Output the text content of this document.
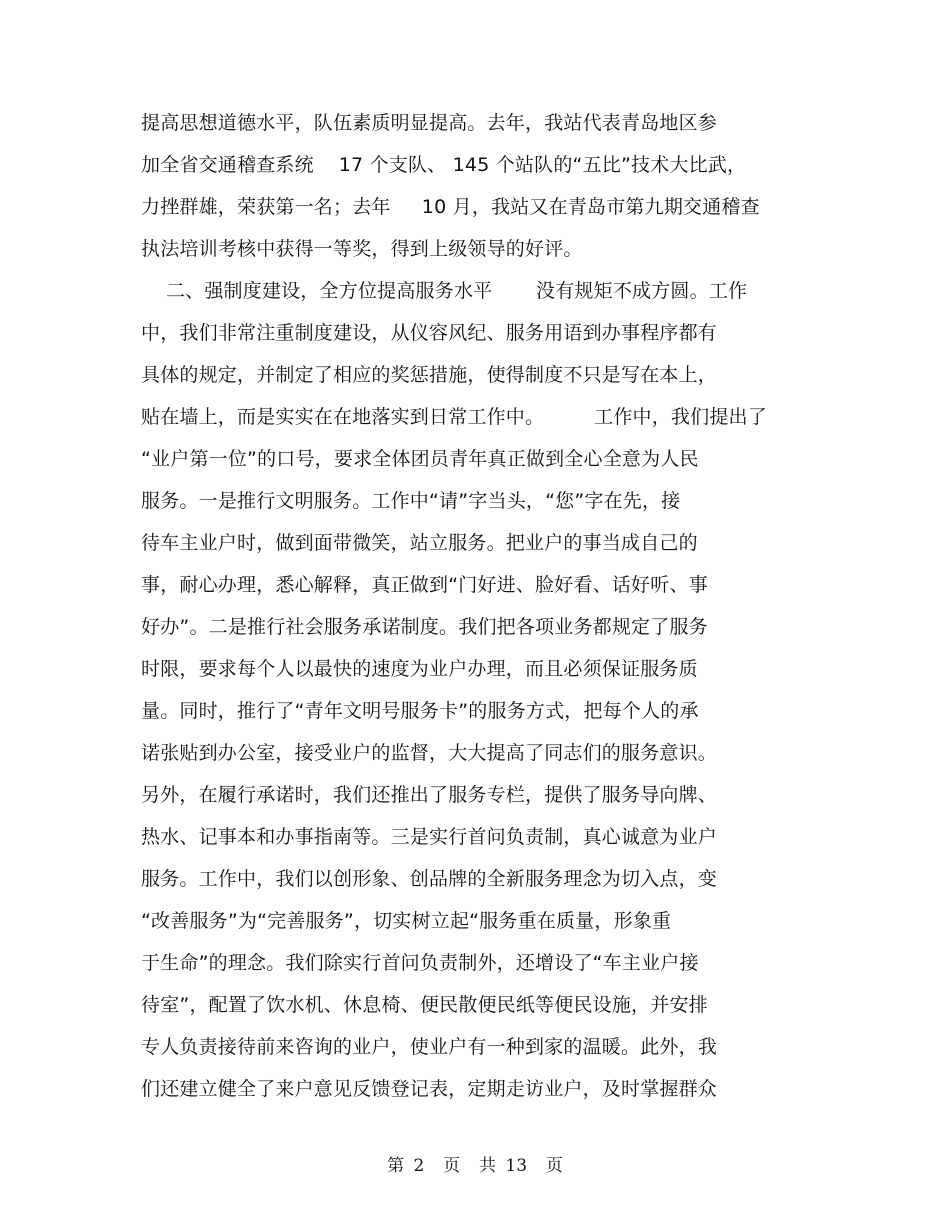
提高思想道德水平，队伍素质明显提高。去年，我站代表青岛地区参
加全省交通稽查系统    17 个支队、 145 个站队的“五比”技术大比武，
力挫群雄，荣获第一名；去年     10 月，我站又在青岛市第九期交通稽查
执法培训考核中获得一等奖，得到上级领导的好评。
二、强制度建设，全方位提高服务水平       没有规矩不成方圆。工作
中，我们非常注重制度建设，从仪容风纪、服务用语到办事程序都有
具体的规定，并制定了相应的奖惩措施，使得制度不只是写在本上，
贴在墙上，而是实实在在地落实到日常工作中。        工作中，我们提出了
“业户第一位”的口号，要求全体团员青年真正做到全心全意为人民
服务。一是推行文明服务。工作中“请”字当头，“您”字在先，接
待车主业户时，做到面带微笑，站立服务。把业户的事当成自己的
事，耐心办理，悉心解释，真正做到“门好进、脸好看、话好听、事
好办”。二是推行社会服务承诺制度。我们把各项业务都规定了服务
时限，要求每个人以最快的速度为业户办理，而且必须保证服务质
量。同时，推行了“青年文明号服务卡”的服务方式，把每个人的承
诺张贴到办公室，接受业户的监督，大大提高了同志们的服务意识。
另外，在履行承诺时，我们还推出了服务专栏，提供了服务导向牌、
热水、记事本和办事指南等。三是实行首问负责制，真心诚意为业户
服务。工作中，我们以创形象、创品牌的全新服务理念为切入点，变
“改善服务”为“完善服务”，切实树立起“服务重在质量，形象重
于生命”的理念。我们除实行首问负责制外，还增设了“车主业户接
待室”，配置了饮水机、休息椅、便民散便民纸等便民设施，并安排
专人负责接待前来咨询的业户，使业户有一种到家的温暖。此外，我
们还建立健全了来户意见反馈登记表，定期走访业户，及时掌握群众
第 2  页  共 13  页
